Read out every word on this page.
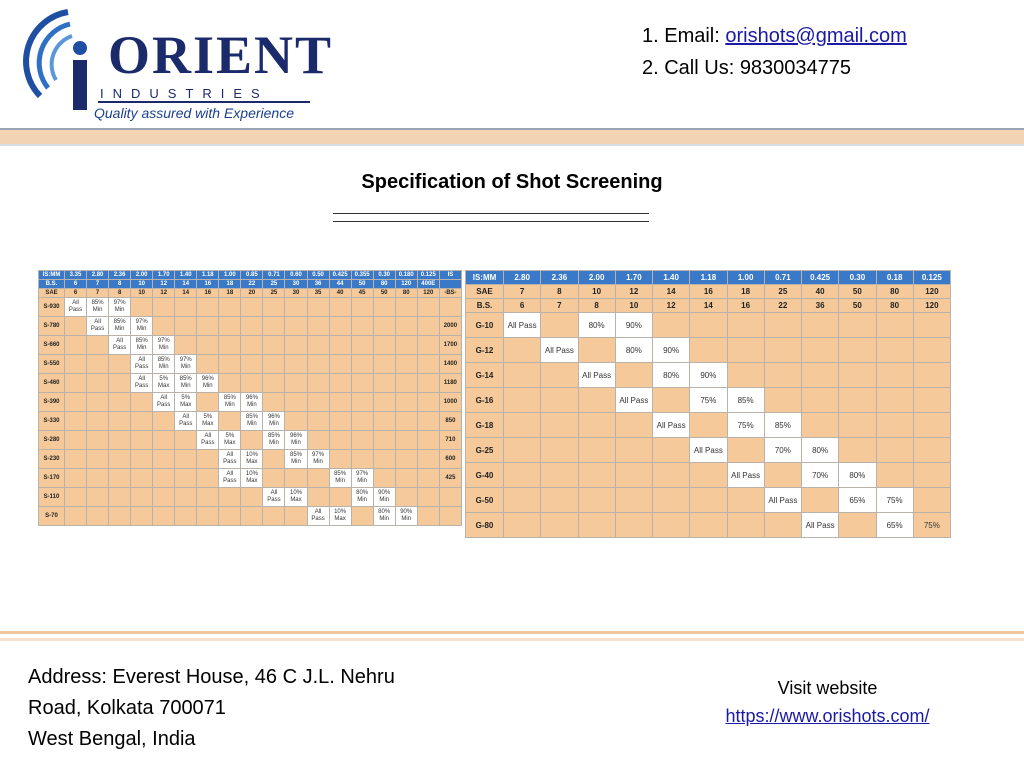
ORIENT
INDUSTRIES
Quality assured with Experience
1. Email: orishots@gmail.com
2. Call Us: 9830034775
Specification of Shot Screening
IS:MM	3.35	2.80	2.36	2.00	1.70	1.40	1.18	1.00	0.85	0.71	0.60	0.50	0.425	0.355	0.30	0.180	0.125	IS
B.S.	6	7	8	10	12	14	16	18	22	25	30	36	44	50	80	120	400E	
SAE	6	7	8	10	12	14	16	18	20	25	30	35	40	45	50	80	120	-BS-
S-930	All Pass	85% Min	97% Min															
S-780		All Pass	85% Min	97% Min														2000
S-660			All Pass	85% Min	97% Min													1700
S-550				All Pass	85% Min	97% Min												1400
S-460				All Pass	5% Max	85% Min	96% Min											1180
S-390					All Pass	5% Max		85% Min	96% Min									1000
S-330						All Pass	5% Max		85% Min	96% Min								850
S-280							All Pass	5% Max		85% Min	96% Min							710
S-230								All Pass	10% Max		85% Min	97% Min						600
S-170								All Pass	10% Max				85% Min	97% Min				425
S-110										All Pass	10% Max			80% Min	90% Min			
S-70												All Pass	10% Max		80% Min	90% Min		
IS:MM	2.80	2.36	2.00	1.70	1.40	1.18	1.00	0.71	0.425	0.30	0.18	0.125
SAE	7	8	10	12	14	16	18	25	40	50	80	120
B.S.	6	7	8	10	12	14	16	22	36	50	80	120
G-10	All Pass		80%	90%								
G-12		All Pass		80%	90%							
G-14			All Pass		80%	90%						
G-16				All Pass		75%	85%					
G-18					All Pass		75%	85%				
G-25						All Pass		70%	80%			
G-40							All Pass		70%	80%		
G-50								All Pass		65%	75%	
G-80									All Pass		65%	75%
Address: Everest House, 46 C J.L. Nehru
Road, Kolkata 700071
West Bengal, India
Visit website
https://www.orishots.com/
